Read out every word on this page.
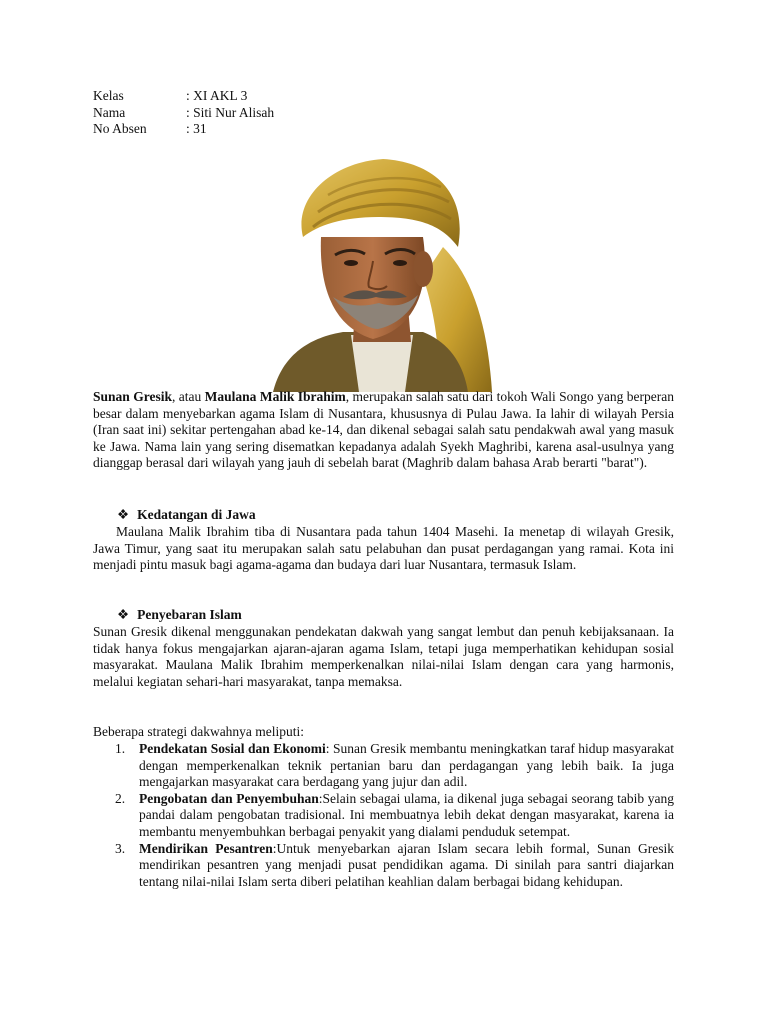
Kelas	: XI AKL 3
Nama	: Siti Nur Alisah
No Absen	: 31
Sunan Gresik, atau Maulana Malik Ibrahim, merupakan salah satu dari tokoh Wali Songo yang berperan besar dalam menyebarkan agama Islam di Nusantara, khususnya di Pulau Jawa. Ia lahir di wilayah Persia (Iran saat ini) sekitar pertengahan abad ke-14, dan dikenal sebagai salah satu pendakwah awal yang masuk ke Jawa. Nama lain yang sering disematkan kepadanya adalah Syekh Maghribi, karena asal-usulnya yang dianggap berasal dari wilayah yang jauh di sebelah barat (Maghrib dalam bahasa Arab berarti "barat").
❖ Kedatangan di Jawa
Maulana Malik Ibrahim tiba di Nusantara pada tahun 1404 Masehi. Ia menetap di wilayah Gresik, Jawa Timur, yang saat itu merupakan salah satu pelabuhan dan pusat perdagangan yang ramai. Kota ini menjadi pintu masuk bagi agama-agama dan budaya dari luar Nusantara, termasuk Islam.
❖ Penyebaran Islam
Sunan Gresik dikenal menggunakan pendekatan dakwah yang sangat lembut dan penuh kebijaksanaan. Ia tidak hanya fokus mengajarkan ajaran-ajaran agama Islam, tetapi juga memperhatikan kehidupan sosial masyarakat. Maulana Malik Ibrahim memperkenalkan nilai-nilai Islam dengan cara yang harmonis, melalui kegiatan sehari-hari masyarakat, tanpa memaksa.
Beberapa strategi dakwahnya meliputi:
1. Pendekatan Sosial dan Ekonomi: Sunan Gresik membantu meningkatkan taraf hidup masyarakat dengan memperkenalkan teknik pertanian baru dan perdagangan yang lebih baik. Ia juga mengajarkan masyarakat cara berdagang yang jujur dan adil.
2. Pengobatan dan Penyembuhan:Selain sebagai ulama, ia dikenal juga sebagai seorang tabib yang pandai dalam pengobatan tradisional. Ini membuatnya lebih dekat dengan masyarakat, karena ia membantu menyembuhkan berbagai penyakit yang dialami penduduk setempat.
3. Mendirikan Pesantren:Untuk menyebarkan ajaran Islam secara lebih formal, Sunan Gresik mendirikan pesantren yang menjadi pusat pendidikan agama. Di sinilah para santri diajarkan tentang nilai-nilai Islam serta diberi pelatihan keahlian dalam berbagai bidang kehidupan.
